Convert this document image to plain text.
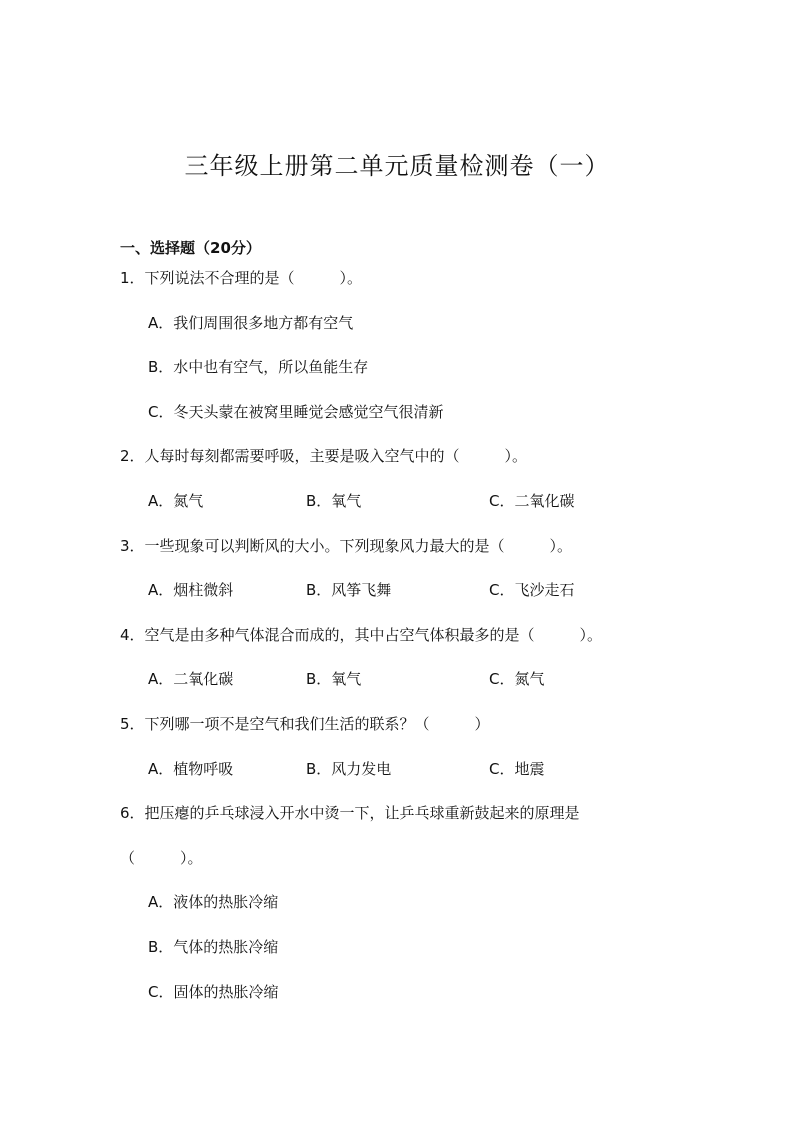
三年级上册第二单元质量检测卷（一）
一、选择题（20分）
1．下列说法不合理的是（　　　）。
A．我们周围很多地方都有空气
B．水中也有空气，所以鱼能生存
C．冬天头蒙在被窝里睡觉会感觉空气很清新
2．人每时每刻都需要呼吸，主要是吸入空气中的（　　　）。
A．氮气	B．氧气	C．二氧化碳
3．一些现象可以判断风的大小。下列现象风力最大的是（　　　）。
A．烟柱微斜	B．风筝飞舞	C．飞沙走石
4．空气是由多种气体混合而成的，其中占空气体积最多的是（　　　）。
A．二氧化碳	B．氧气	C．氮气
5．下列哪一项不是空气和我们生活的联系？（　　　）
A．植物呼吸	B．风力发电	C．地震
6．把压瘪的乒乓球浸入开水中烫一下，让乒乓球重新鼓起来的原理是
（　　　）。
A．液体的热胀冷缩
B．气体的热胀冷缩
C．固体的热胀冷缩
